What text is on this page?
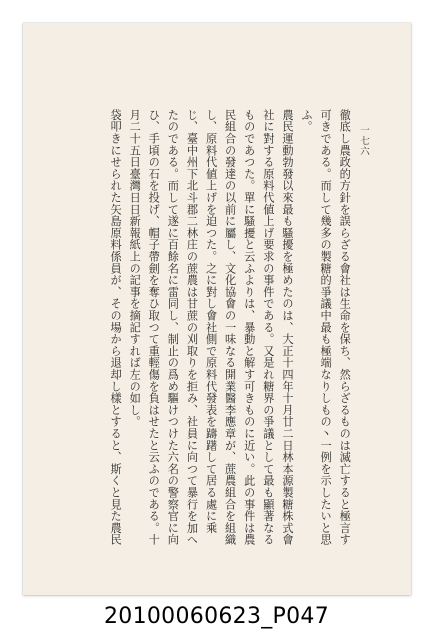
一七六

徹底し農政的方針を誤らざる會社は生命を保ち、然らざるものは滅亡すると極言す可きである。而して幾多の製糖的爭議中最も極端なりしもの丶一例を示したいと思ふ。

農民運動勃發以來最も騷擾を極めたのは、大正十四年十月廿二日林本源製糖株式會社に對する原料代値上げ要求の事件である。又是れ糖界の爭議として最も顯著なるものであつた。單に騷擾と云ふよりは、暴動と解す可きものに近い。此の事件は農民組合の發達の以前に屬し、文化協會の一味なる開業醫李應章が、蔗農組合を組織し、原料代値上げを迫つた。之に對し會社側で原料代發表を躊躇して居る處に乘じ、臺中州下北斗郡二林庄の蔗農は甘蔗の刈取りを拒み、社員に向つて暴行を加へたのである。而して遂に百餘名に雷同し、制止の爲め驅けつけた六名の警察官に向ひ、手頃の石を投げ、帽子帶劍を奪ひ取つて重輕傷を負はせたと云ふのである。十月二十五日臺灣日日新報紙上の記事を摘記すれば左の如し。

袋叩きにせられた矢島原料係員が、その場から退却し樣とすると、斯くと見た農民

20100060623_P047
